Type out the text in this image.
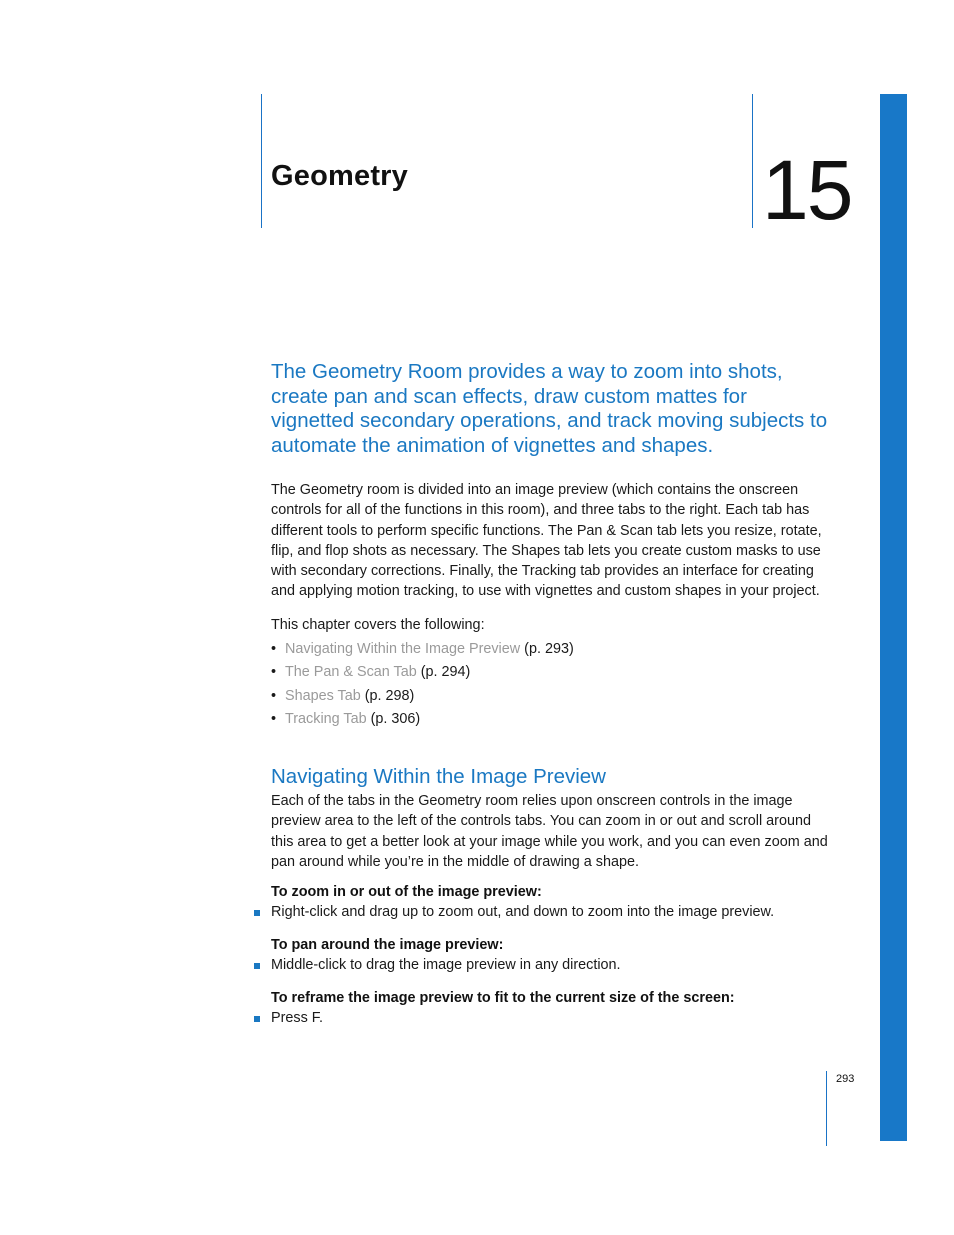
Geometry	15
The Geometry Room provides a way to zoom into shots, create pan and scan effects, draw custom mattes for vignetted secondary operations, and track moving subjects to automate the animation of vignettes and shapes.
The Geometry room is divided into an image preview (which contains the onscreen controls for all of the functions in this room), and three tabs to the right. Each tab has different tools to perform specific functions. The Pan & Scan tab lets you resize, rotate, flip, and flop shots as necessary. The Shapes tab lets you create custom masks to use with secondary corrections. Finally, the Tracking tab provides an interface for creating and applying motion tracking, to use with vignettes and custom shapes in your project.
This chapter covers the following:
• Navigating Within the Image Preview (p. 293)
• The Pan & Scan Tab (p. 294)
• Shapes Tab (p. 298)
• Tracking Tab (p. 306)
Navigating Within the Image Preview
Each of the tabs in the Geometry room relies upon onscreen controls in the image preview area to the left of the controls tabs. You can zoom in or out and scroll around this area to get a better look at your image while you work, and you can even zoom and pan around while you’re in the middle of drawing a shape.
To zoom in or out of the image preview:
Right-click and drag up to zoom out, and down to zoom into the image preview.
To pan around the image preview:
Middle-click to drag the image preview in any direction.
To reframe the image preview to fit to the current size of the screen:
Press F.
293
